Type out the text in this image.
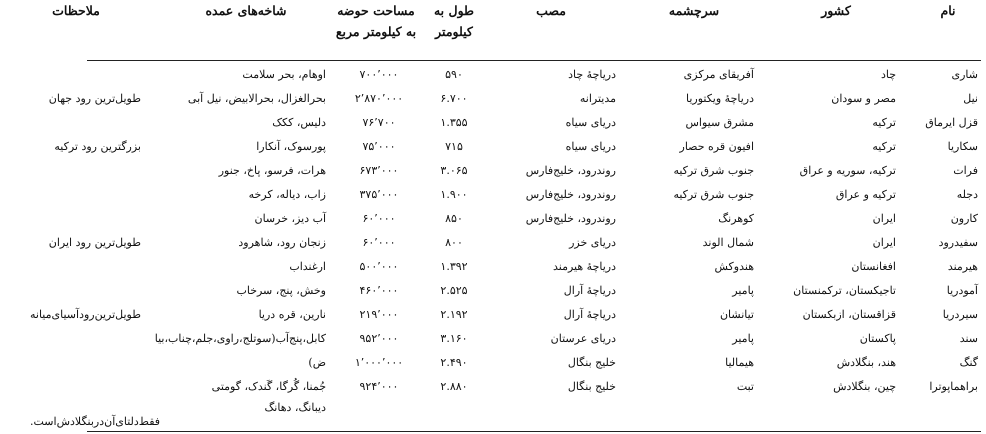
نام
کشور
سرچشمه
مصب
طول به
کیلومتر
مساحت حوضه
به کیلومتر مربع
شاخه‌های عمده
ملاحظات
شاری
چاد
آفریقای مرکزی
دریاچهٔ چاد
۵۹۰
۷۰۰٬۰۰۰
اوهام، بحر سلامت
نیل
مصر و سودان
دریاچهٔ ویکتوریا
مدیترانه
۶.۷۰۰
۲٬۸۷۰٬۰۰۰
بحرالغزال، بحرالابیض، نیل آبی
طویل‌ترین رود جهان
قزل ایرماق
ترکیه
مشرق سیواس
دریای سیاه
۱.۳۵۵
۷۶٬۷۰۰
دلیس، ککک
سکاریا
ترکیه
افیون قره حصار
دریای سیاه
۷۱۵
۷۵٬۰۰۰
پورسوک، آنکارا
بزرگترین رود ترکیه
فرات
ترکیه، سوریه و عراق
جنوب شرق ترکیه
روندرود، خلیج‌فارس
۳.۰۶۵
۶۷۳٬۰۰۰
هرات، فرسو، پاخ، جنور
دجله
ترکیه و عراق
جنوب شرق ترکیه
روندرود، خلیج‌فارس
۱.۹۰۰
۳۷۵٬۰۰۰
زاب، دیاله، کرخه
کارون
ایران
کوهرنگ
روندرود، خلیج‌فارس
۸۵۰
۶۰٬۰۰۰
آب دیز، خرسان
سفیدرود
ایران
شمال الوند
دریای خزر
۸۰۰
۶۰٬۰۰۰
زنجان رود، شاهرود
طویل‌ترین رود ایران
هیرمند
افغانستان
هندوکش
دریاچهٔ هیرمند
۱.۳۹۲
۵۰۰٬۰۰۰
ارغنداب
آمودریا
تاجیکستان، ترکمنستان
پامیر
دریاچهٔ آرال
۲.۵۲۵
۴۶۰٬۰۰۰
وخش، پنج، سرخاب
سیردریا
قزاقستان، ازبکستان
تیانشان
دریاچهٔ آرال
۲.۱۹۲
۲۱۹٬۰۰۰
نارین، قره دریا
طویل‌ترین‌رودآسیای‌میانه
سند
پاکستان
پامیر
دریای عرستان
۳.۱۶۰
۹۵۲٬۰۰۰
کابل،پنج‌آب(سوتلج،راوی،جلم،چناب،بیا
گنگ
هند، بنگلادش
هیمالیا
خلیج بنگال
۲.۴۹۰
۱٬۰۰۰٬۰۰۰
ض)
براهماپوترا
چین، بنگلادش
تبت
خلیج بنگال
۲.۸۸۰
۹۲۴٬۰۰۰
جُمنا، گُرگا، گَندک، گومتی
دیبانگ، دهانگ
فقط‌دلتای‌آن‌دربنگلادش‌است.
